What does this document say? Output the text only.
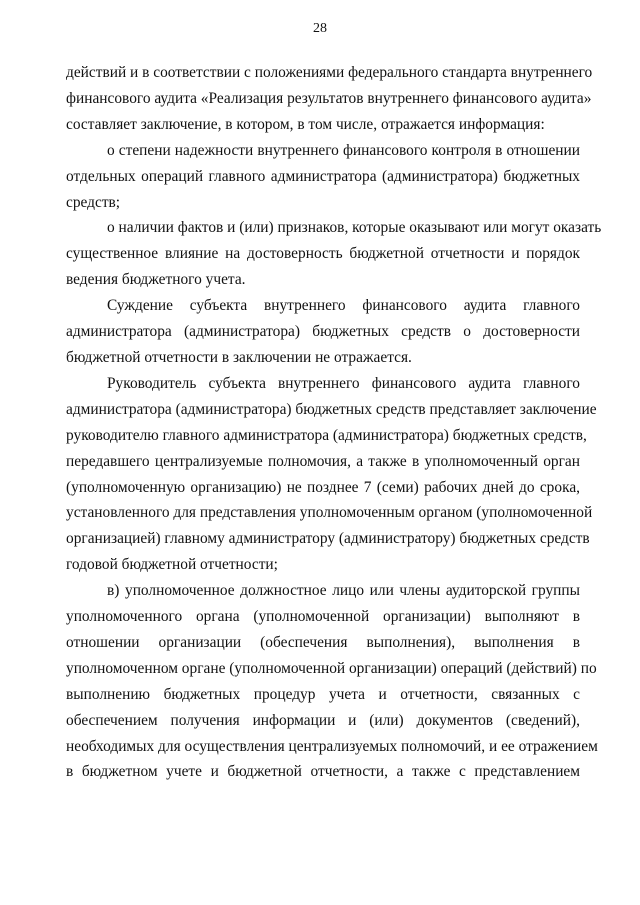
28

действий и в соответствии с положениями федерального стандарта внутреннего
финансового аудита «Реализация результатов внутреннего финансового аудита»
составляет заключение, в котором, в том числе, отражается информация:

о степени надежности внутреннего финансового контроля в отношении
отдельных операций главного администратора (администратора) бюджетных
средств;

о наличии фактов и (или) признаков, которые оказывают или могут оказать
существенное влияние на достоверность бюджетной отчетности и порядок
ведения бюджетного учета.

Суждение субъекта внутреннего финансового аудита главного
администратора (администратора) бюджетных средств о достоверности
бюджетной отчетности в заключении не отражается.

Руководитель субъекта внутреннего финансового аудита главного
администратора (администратора) бюджетных средств представляет заключение
руководителю главного администратора (администратора) бюджетных средств,
передавшего централизуемые полномочия, а также в уполномоченный орган
(уполномоченную организацию) не позднее 7 (семи) рабочих дней до срока,
установленного для представления уполномоченным органом (уполномоченной
организацией) главному администратору (администратору) бюджетных средств
годовой бюджетной отчетности;

в) уполномоченное должностное лицо или члены аудиторской группы
уполномоченного органа (уполномоченной организации) выполняют в
отношении организации (обеспечения выполнения), выполнения в
уполномоченном органе (уполномоченной организации) операций (действий) по
выполнению бюджетных процедур учета и отчетности, связанных с
обеспечением получения информации и (или) документов (сведений),
необходимых для осуществления централизуемых полномочий, и ее отражением
в бюджетном учете и бюджетной отчетности, а также с представлением
